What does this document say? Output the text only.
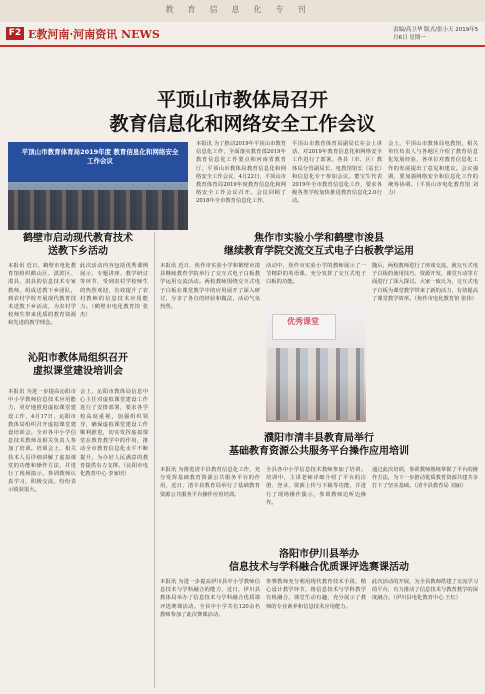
教育信息化专刊
F2 E教河南·河南资讯 NEWS	责编/高卫华 版式/张小天 2019年5月6日 星期一
平顶山市教体局召开
教育信息化和网络安全工作会议
平顶山市教育体育局2019年度 教育信息化和网络安全工作会议
本报讯 为了推动2019年平顶山市教育信息化工作，全面落实教育部2019年教育信息化工作要点和河南省教育厅、平顶山市教体局教育信息化和网络安全工作会议，4月22日，平顶山市教育体育局2019年度教育信息化和网络安全工作会议召开。会议回顾了2018年全市教育信息化工作。
平顶山市教育体育局副局长在会上讲话，对2019年教育信息化和网络安全工作进行了部署。各县（市、区）教体局分管副局长、电教馆馆长（站长）和信息化专干参加会议。董宝生代表2019年全市教育信息化工作，要求各级各类学校加快推进教育信息化2.0行动。
会上，平顶山市教体局电教馆、相关单位负责人与各地区介绍了教育信息化发展经验，各单位对教育信息化工作的发展提出了意见和建议。会议强调，要加强网络安全和信息化工作的统筹协调。（平顶山市电化教育馆 刘力）
鹤壁市启动现代教育技术
送教下乡活动
本报讯 近日，鹤壁市电化教育馆组织鹤山区、淇滨区、浚县、淇县的信息技术专家教师，组成送教下乡团队，到农村学校开展现代教育技术送教下乡活动，为农村学校师生带来优质的教育资源和先进的教学理念。
此次活动内容包括优秀课例展示、专题讲座、教学研讨等环节，受到农村学校师生的热烈欢迎，有效提升了农村教师的信息技术应用能力。（鹤壁市电化教育馆 张杰）
沁阳市教体局组织召开
虚拟课堂建设培训会
本报讯 为进一步提高沁阳市中小学教师信息技术应用能力，更好地推进虚拟课堂建设工作，4月17日，沁阳市教体局组织召开虚拟课堂建设培训会。全市各中小学信息技术教师及相关负责人参加了培训。培训会上，相关技术人员详细讲解了虚拟课堂的功能和操作方法，并进行了现场演示，参训教师认真学习，积极交流，纷纷表示收获很大。
会上，沁阳市教体局信息中心主任对虚拟课堂建设工作进行了安排部署，要求各学校高度重视，加强组织领导，确保虚拟课堂建设工作顺利推进，切实发挥虚拟课堂在教育教学中的作用，推动全市教育信息化水平不断提升，为办好人民满意的教育提供有力支撑。（沁阳市电化教育中心 李家培）
焦作市实验小学和鹤壁市浚县
继续教育学院交流交互式电子白板教学运用
本报讯 近日，焦作市实验小学和鹤壁市浚县继续教育学院举行了交互式电子白板教学运用交流活动。两校教师围绕交互式电子白板在课堂教学中的应用展开了深入研讨，分享了各自的经验和做法，活动气氛热烈。
活动中，焦作市实验小学的教师展示了一节精彩的英语课，充分发挥了交互式电子白板的功能。
随后，两校教师进行了座谈交流，就交互式电子白板的使用技巧、资源开发、课堂互动等方面进行了深入探讨。大家一致认为，交互式电子白板为课堂教学带来了新的活力，有效提高了课堂教学效率。（焦作市电化教育馆 张伟）
优秀课堂
濮阳市清丰县教育局举行
基础教育资源公共服务平台操作应用培训
本报讯 为推进清丰县教育信息化工作，充分发挥基础教育资源公共服务平台的作用，近日，清丰县教育局举行了基础教育资源公共服务平台操作应用培训。
全县各中小学信息技术教师参加了培训。培训中，主讲老师详细介绍了平台的注册、登录、资源上传与下载等功能，并进行了现场操作演示，参训教师边听边操作。
通过此次培训，参训教师熟练掌握了平台的操作方法，为下一步推动优质教育资源共建共享打下了坚实基础。（清丰县教育局 刘丽）
洛阳市伊川县举办
信息技术与学科融合优质课评选赛课活动
本报讯 为进一步提高伊川县中小学教师信息技术与学科融合的能力，近日，伊川县教体局举办了信息技术与学科融合优质课评选赛课活动。全县中小学共有120余名教师参加了此次赛课活动。
参赛教师充分利用现代教育技术手段，精心设计教学环节，将信息技术与学科教学有机融合，课堂生动有趣，充分展示了教师的专业素养和信息技术应用能力。
此次活动的开展，为全县教师搭建了交流学习的平台，有力推动了信息技术与教育教学的深度融合。（伊川县电化教育中心 王红）
